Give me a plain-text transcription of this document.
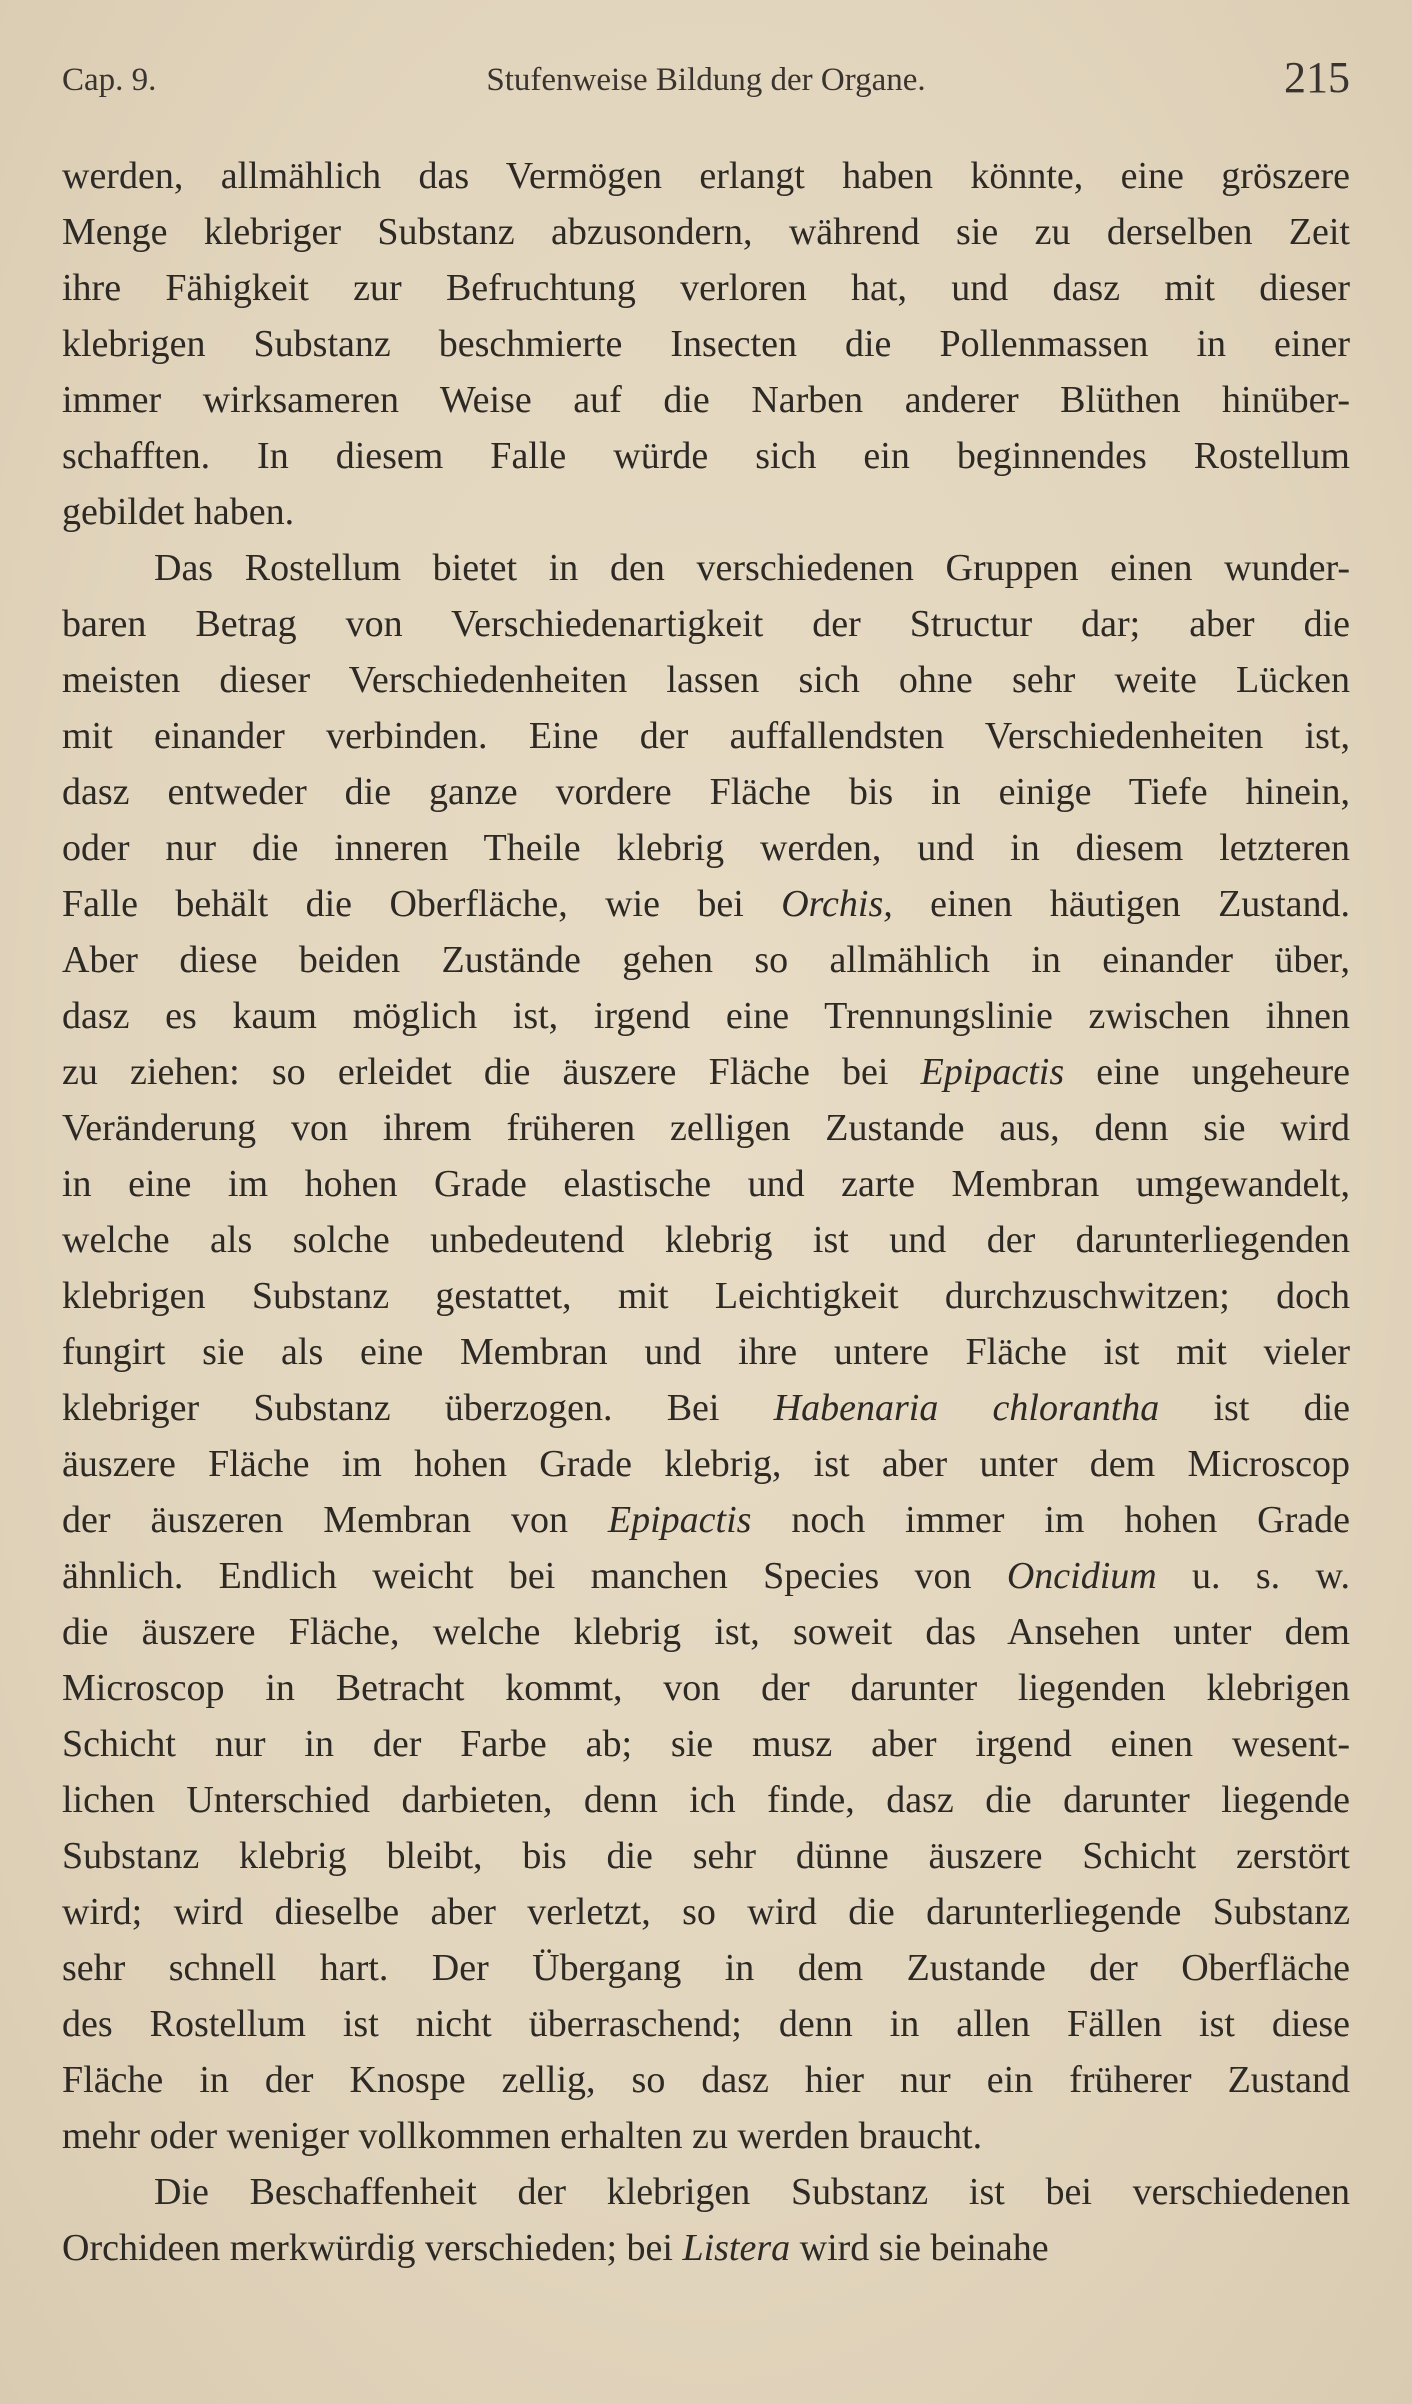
Cap. 9.	Stufenweise Bildung der Organe.	215

werden, allmählich das Vermögen erlangt haben könnte, eine gröszere
Menge klebriger Substanz abzusondern, während sie zu derselben Zeit
ihre Fähigkeit zur Befruchtung verloren hat, und dasz mit dieser
klebrigen Substanz beschmierte Insecten die Pollenmassen in einer
immer wirksameren Weise auf die Narben anderer Blüthen hinüber-
schafften. In diesem Falle würde sich ein beginnendes Rostellum
gebildet haben.

Das Rostellum bietet in den verschiedenen Gruppen einen wunder-
baren Betrag von Verschiedenartigkeit der Structur dar; aber die
meisten dieser Verschiedenheiten lassen sich ohne sehr weite Lücken
mit einander verbinden. Eine der auffallendsten Verschiedenheiten ist,
dasz entweder die ganze vordere Fläche bis in einige Tiefe hinein,
oder nur die inneren Theile klebrig werden, und in diesem letzteren
Falle behält die Oberfläche, wie bei Orchis, einen häutigen Zustand.
Aber diese beiden Zustände gehen so allmählich in einander über,
dasz es kaum möglich ist, irgend eine Trennungslinie zwischen ihnen
zu ziehen: so erleidet die äuszere Fläche bei Epipactis eine ungeheure
Veränderung von ihrem früheren zelligen Zustande aus, denn sie wird
in eine im hohen Grade elastische und zarte Membran umgewandelt,
welche als solche unbedeutend klebrig ist und der darunterliegenden
klebrigen Substanz gestattet, mit Leichtigkeit durchzuschwitzen; doch
fungirt sie als eine Membran und ihre untere Fläche ist mit vieler
klebriger Substanz überzogen. Bei Habenaria chlorantha ist die
äuszere Fläche im hohen Grade klebrig, ist aber unter dem Microscop
der äuszeren Membran von Epipactis noch immer im hohen Grade
ähnlich. Endlich weicht bei manchen Species von Oncidium u. s. w.
die äuszere Fläche, welche klebrig ist, soweit das Ansehen unter dem
Microscop in Betracht kommt, von der darunter liegenden klebrigen
Schicht nur in der Farbe ab; sie musz aber irgend einen wesent-
lichen Unterschied darbieten, denn ich finde, dasz die darunter liegende
Substanz klebrig bleibt, bis die sehr dünne äuszere Schicht zerstört
wird; wird dieselbe aber verletzt, so wird die darunterliegende Substanz
sehr schnell hart. Der Übergang in dem Zustande der Oberfläche
des Rostellum ist nicht überraschend; denn in allen Fällen ist diese
Fläche in der Knospe zellig, so dasz hier nur ein früherer Zustand
mehr oder weniger vollkommen erhalten zu werden braucht.

Die Beschaffenheit der klebrigen Substanz ist bei verschiedenen
Orchideen merkwürdig verschieden; bei Listera wird sie beinahe
